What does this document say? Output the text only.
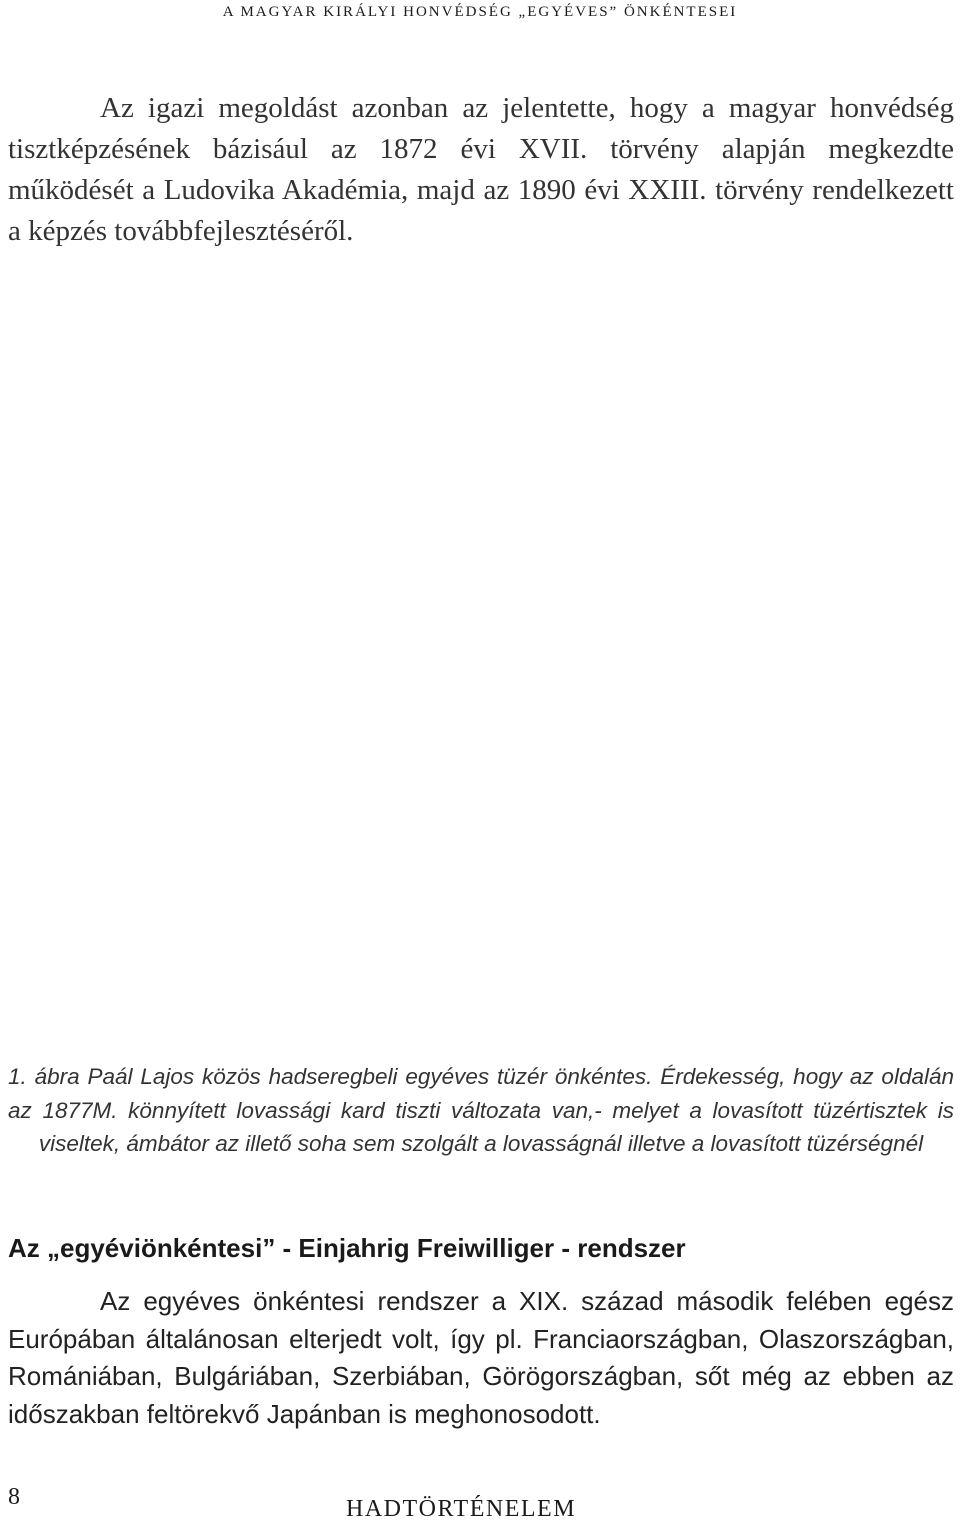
A MAGYAR KIRÁLYI HONVÉDSÉG „EGYÉVES” ÖNKÉNTESEI

Az igazi megoldást azonban az jelentette, hogy a magyar honvédség tisztképzésének bázisául az 1872 évi XVII. törvény alapján megkezdte működését a Ludovika Akadémia, majd az 1890 évi XXIII. törvény rendelkezett a képzés továbbfejlesztéséről.

1. ábra Paál Lajos közös hadseregbeli egyéves tüzér önkéntes. Érdekesség, hogy az oldalán az 1877M. könnyített lovassági kard tiszti változata van,- melyet a lovasított tüzértisztek is viseltek, ámbátor az illető soha sem szolgált a lovasságnál illetve a lovasított tüzérségnél

Az „egyéviönkéntesi” - Einjahrig Freiwilliger - rendszer

Az egyéves önkéntesi rendszer a XIX. század második felében egész Európában általánosan elterjedt volt, így pl. Franciaországban, Olaszországban, Romániában, Bulgáriában, Szerbiában, Görögországban, sőt még az ebben az időszakban feltörekvő Japánban is meghonosodott.

8	HADTÖRTÉNELEM
